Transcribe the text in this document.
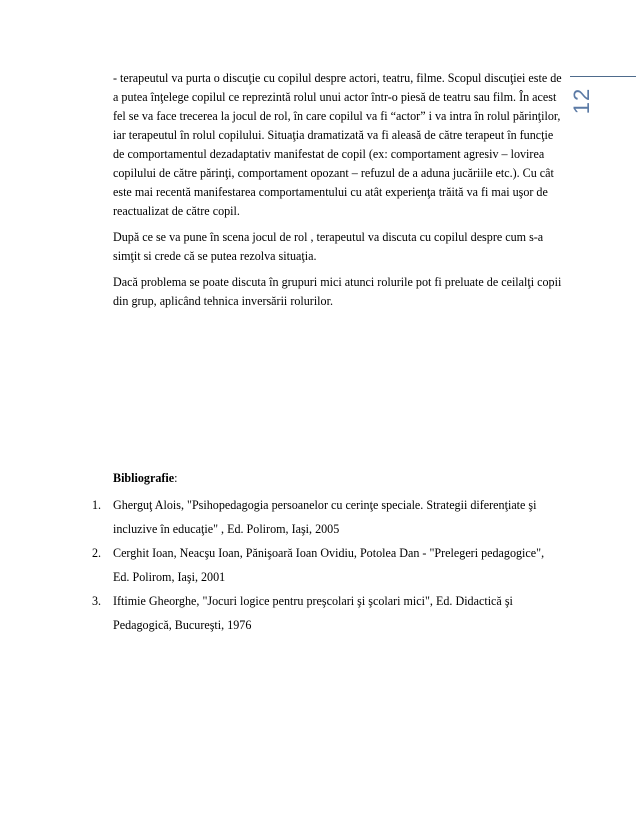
12

- terapeutul va purta o discuţie cu copilul despre actori, teatru, filme. Scopul discuţiei este de a putea înţelege copilul ce reprezintă rolul unui actor într-o piesă de teatru sau film. În acest fel se va face trecerea la jocul de rol, în care copilul va fi “actor” i va intra în rolul părinţilor, iar terapeutul în rolul copilului. Situaţia dramatizată va fi aleasă de către terapeut în funcţie de comportamentul dezadaptativ manifestat de copil (ex: comportament agresiv – lovirea copilului de către părinţi, comportament opozant – refuzul de a aduna jucăriile etc.). Cu cât este mai recentă manifestarea comportamentului cu atât experienţa trăită va fi mai uşor de reactualizat de către copil.

După ce se va pune în scena jocul de rol , terapeutul va discuta cu copilul despre cum s-a simţit si crede că se putea rezolva situaţia.

Dacă problema se poate discuta în grupuri mici atunci rolurile pot fi preluate de ceilalţi copii din grup, aplicând tehnica inversării rolurilor.

Bibliografie:

1. Gherguţ Alois, "Psihopedagogia persoanelor cu cerinţe speciale. Strategii diferenţiate şi incluzive în educaţie" , Ed. Polirom, Iaşi, 2005
2. Cerghit Ioan, Neacşu Ioan, Pănişoară Ioan Ovidiu, Potolea Dan - "Prelegeri pedagogice", Ed. Polirom, Iaşi, 2001
3. Iftimie Gheorghe, "Jocuri logice pentru preşcolari şi şcolari mici", Ed. Didactică şi Pedagogică, Bucureşti, 1976
